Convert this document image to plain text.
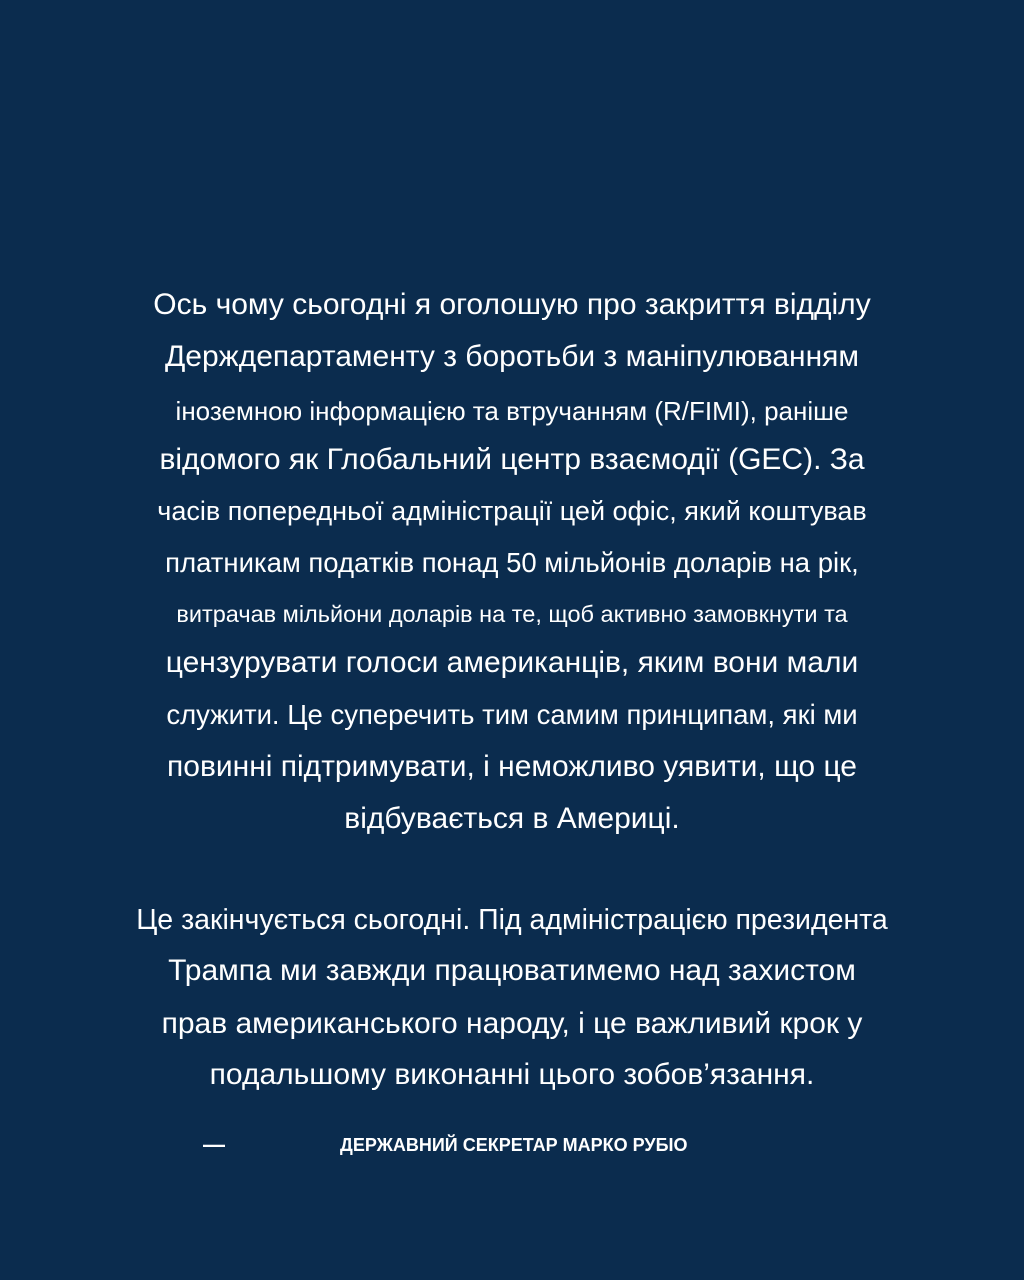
Ось чому сьогодні я оголошую про закриття відділу
Держдепартаменту з боротьби з маніпулюванням
іноземною інформацією та втручанням (R/FIMI), раніше
відомого як Глобальний центр взаємодії (GEC). За
часів попередньої адміністрації цей офіс, який коштував
платникам податків понад 50 мільйонів доларів на рік,
витрачав мільйони доларів на те, щоб активно замовкнути та
цензурувати голоси американців, яким вони мали
служити. Це суперечить тим самим принципам, які ми
повинні підтримувати, і неможливо уявити, що це
відбувається в Америці.
Це закінчується сьогодні. Під адміністрацією президента
Трампа ми завжди працюватимемо над захистом
прав американського народу, і це важливий крок у
подальшому виконанні цього зобов’язання.
—	ДЕРЖАВНИЙ СЕКРЕТАР МАРКО РУБІО
